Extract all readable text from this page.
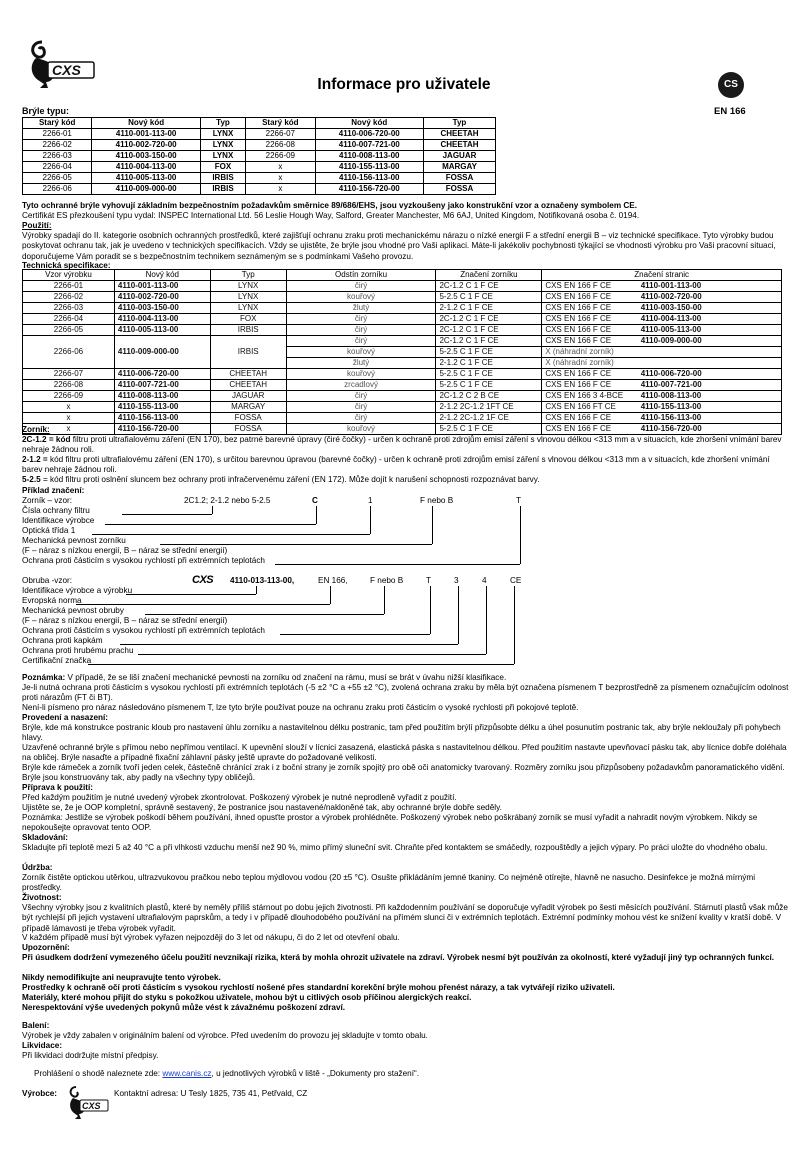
CXS
Informace pro uživatele	CS
EN 166
Brýle typu:
Starý kód	Nový kód	Typ	Starý kód	Nový kód	Typ
2266-01	4110-001-113-00	LYNX	2266-07	4110-006-720-00	CHEETAH
2266-02	4110-002-720-00	LYNX	2266-08	4110-007-721-00	CHEETAH
2266-03	4110-003-150-00	LYNX	2266-09	4110-008-113-00	JAGUAR
2266-04	4110-004-113-00	FOX	x	4110-155-113-00	MARGAY
2266-05	4110-005-113-00	IRBIS	x	4110-156-113-00	FOSSA
2266-06	4110-009-000-00	IRBIS	x	4110-156-720-00	FOSSA
Tyto ochranné brýle vyhovují základním bezpečnostním požadavkům směrnice 89/686/EHS, jsou vyzkoušeny jako konstrukční vzor a označeny symbolem CE.
Certifikát ES přezkoušení typu vydal: INSPEC International Ltd. 56 Leslie Hough Way, Salford, Greater Manchester, M6 6AJ, United Kingdom, Notifikovaná osoba č. 0194.
Použití:
Výrobky spadají do II. kategorie osobních ochranných prostředků, které zajišťují ochranu zraku proti mechanickému nárazu o nízké energii F a střední energii B – viz technické specifikace. Tyto výrobky budou poskytovat ochranu tak, jak je uvedeno v technických specifikacích. Vždy se ujistěte, že brýle jsou vhodné pro Vaši aplikaci. Máte-li jakékoliv pochybnosti týkající se vhodnosti výrobku pro Vaši pracovní situaci, doporučujeme Vám poradit se s bezpečnostním technikem seznámeným se s podmínkami Vašeho provozu.
Technická specifikace:
Vzor výrobku	Nový kód	Typ	Odstín zorníku	Značení zorníku	Značení stranic	
2266-01	4110-001-113-00	LYNX	čirý	2C-1.2 C 1 F CE	CXS EN 166 F CE	4110-001-113-00
2266-02	4110-002-720-00	LYNX	kouřový	5-2.5 C 1 F CE	CXS EN 166 F CE	4110-002-720-00
2266-03	4110-003-150-00	LYNX	žlutý	2-1.2 C 1 F CE	CXS EN 166 F CE	4110-003-150-00
2266-04	4110-004-113-00	FOX	čirý	2C-1.2 C 1 F CE	CXS EN 166 F CE	4110-004-113-00
2266-05	4110-005-113-00	IRBIS	čirý	2C-1.2 C 1 F CE	CXS EN 166 F CE	4110-005-113-00
2266-06	4110-009-000-00	IRBIS	čirý	2C-1.2 C 1 F CE	CXS EN 166 F CE	4110-009-000-00
			kouřový	5-2.5 C 1 F CE	X (náhradní zorník)	
			žlutý	2-1.2 C 1 F CE	X (náhradní zorník)	
2266-07	4110-006-720-00	CHEETAH	kouřový	5-2.5 C 1 F CE	CXS EN 166 F CE	4110-006-720-00
2266-08	4110-007-721-00	CHEETAH	zrcadlový	5-2.5 C 1 F CE	CXS EN 166 F CE	4110-007-721-00
2266-09	4110-008-113-00	JAGUAR	čirý	2C-1.2 C 2 B CE	CXS EN 166 3 4-BCE	4110-008-113-00
x	4110-155-113-00	MARGAY	čirý	2-1.2 2C-1.2 1FT CE	CXS EN 166 FT CE	4110-155-113-00
x	4110-156-113-00	FOSSA	čirý	2-1.2 2C-1.2 1F CE	CXS EN 166 F CE	4110-156-113-00
x	4110-156-720-00	FOSSA	kouřový	5-2.5 C 1 F CE	CXS EN 166 F CE	4110-156-720-00
Zorník:
2C-1.2 = kód filtru proti ultrafialovému záření (EN 170), bez patrné barevné úpravy (čiré čočky) - určen k ochraně proti zdrojům emisí záření s vlnovou délkou <313 mm a v situacích, kde zhoršení vnímání barev nehraje žádnou roli.
2-1.2 = kód filtru proti ultrafialovému záření (EN 170), s určitou barevnou úpravou (barevné čočky) - určen k ochraně proti zdrojům emisí záření s vlnovou délkou <313 mm a v situacích, kde zhoršení vnímání barev nehraje žádnou roli.
5-2.5 = kód filtru proti oslnění sluncem bez ochrany proti infračervenému záření (EN 172). Může dojít k narušení schopnosti rozpoznávat barvy.
Příklad značení:
Zorník – vzor:	2C1.2; 2-1.2 nebo 5-2.5	C	1	F nebo B	T
Čísla ochrany filtru
Identifikace výrobce
Optická třída 1
Mechanická pevnost zorníku
(F – náraz s nízkou energií, B – náraz se střední energií)
Ochrana proti částicím s vysokou rychlostí při extrémních teplotách
Obruba -vzor:	CXS 4110-013-113-00,	EN 166,	F nebo B	T	3	4	CE
Identifikace výrobce a výrobku
Evropská norma
Mechanická pevnost obruby
(F – náraz s nízkou energií, B – náraz se střední energií)
Ochrana proti částicím s vysokou rychlostí při extrémních teplotách
Ochrana proti kapkám
Ochrana proti hrubému prachu
Certifikační značka
Poznámka: V případě, že se liší značení mechanické pevnosti na zorníku od značení na rámu, musí se brát v úvahu nižší klasifikace.
Je-li nutná ochrana proti částicím s vysokou rychlostí při extrémních teplotách (-5 ±2 °C a +55 ±2 °C), zvolená ochrana zraku by měla být označena písmenem T bezprostředně za písmenem označujícím odolnost proti nárazům (FT či BT).
Není-li písmeno pro náraz následováno písmenem T, lze tyto brýle používat pouze na ochranu zraku proti částicím o vysoké rychlosti při pokojové teplotě.
Provedení a nasazení:
Brýle, kde má konstrukce postranic kloub pro nastavení úhlu zorníku a nastavitelnou délku postranic, tam před použitím brýlí přizpůsobte délku a úhel posunutím postranic tak, aby brýle nekloužaly při pohybech hlavy.
Uzavřené ochranné brýle s přímou nebo nepřímou ventilací. K upevnění slouží v lícnici zasazená, elastická páska s nastavitelnou délkou. Před použitím nastavte upevňovací pásku tak, aby lícnice dobře doléhala na obličej. Brýle nasaďte a případné fixační záhlavní pásky ještě upravte do požadované velikosti.
Brýle kde rámeček a zorník tvoří jeden celek, částečně chránící zrak i z boční strany je zorník spojitý pro obě oči anatomicky tvarovaný. Rozměry zorníku jsou přizpůsobeny požadavkům panoramatického vidění. Brýle jsou konstruovány tak, aby padly na všechny typy obličejů.
Příprava k použití:
Před každým použitím je nutné uvedený výrobek zkontrolovat. Poškozený výrobek je nutné neprodleně vyřadit z použití.
Ujistěte se, že je OOP kompletní, správně sestavený, že postranice jsou nastavené/nakloněné tak, aby ochranné brýle dobře seděly.
Poznámka: Jestliže se výrobek poškodí během používání, ihned opusťte prostor a výrobek prohlédněte. Poškozený výrobek nebo poškrábaný zorník se musí vyřadit a nahradit novým výrobkem. Nikdy se nepokoušejte opravovat tento OOP.
Skladování:
Skladujte při teplotě mezi 5 až 40 °C a při vlhkosti vzduchu menší než 90 %, mimo přímý sluneční svit. Chraňte před kontaktem se smáčedly, rozpouštědly a jejich výpary. Po práci uložte do vhodného obalu.
Údržba:
Zorník čistěte optickou utěrkou, ultrazvukovou pračkou nebo teplou mýdlovou vodou (20 ±5 °C). Osušte přikládáním jemné tkaniny. Co nejméně otírejte, hlavně ne nasucho. Desinfekce je možná mírnými prostředky.
Životnost:
Všechny výrobky jsou z kvalitních plastů, které by neměly příliš stárnout po dobu jejich životnosti. Při každodenním používání se doporučuje vyřadit výrobek po šesti měsících používání. Stárnutí plastů však může být rychlejší při jejich vystavení ultrafialovým paprskům, a tedy i v případě dlouhodobého používání na přímém slunci či v extrémních teplotách. Extrémní podmínky mohou vést ke snížení kvality v kratší době. V případě lámavosti je třeba výrobek vyřadit.
V každém případě musí být výrobek vyřazen nejpozději do 3 let od nákupu, či do 2 let od otevření obalu.
Upozornění:
Při úsudkem dodržení vymezeného účelu použití nevznikají rizika, která by mohla ohrozit uživatele na zdraví. Výrobek nesmí být používán za okolností, které vyžadují jiný typ ochranných funkcí.
Nikdy nemodifikujte ani neupravujte tento výrobek.
Prostředky k ochraně očí proti částicím s vysokou rychlostí nošené přes standardní korekční brýle mohou přenést nárazy, a tak vytvářejí riziko uživateli.
Materiály, které mohou přijít do styku s pokožkou uživatele, mohou být u citlivých osob příčinou alergických reakcí.
Nerespektování výše uvedených pokynů může vést k závažnému poškození zdraví.
Balení:
Výrobek je vždy zabalen v originálním balení od výrobce. Před uvedením do provozu jej skladujte v tomto obalu.
Likvidace:
Při likvidaci dodržujte místní předpisy.
Prohlášení o shodě naleznete zde: www.canis.cz, u jednotlivých výrobků v liště - „Dokumenty pro stažení“.
Výrobce:
CXS
Kontaktní adresa: U Tesly 1825, 735 41, Petřvald, CZ
